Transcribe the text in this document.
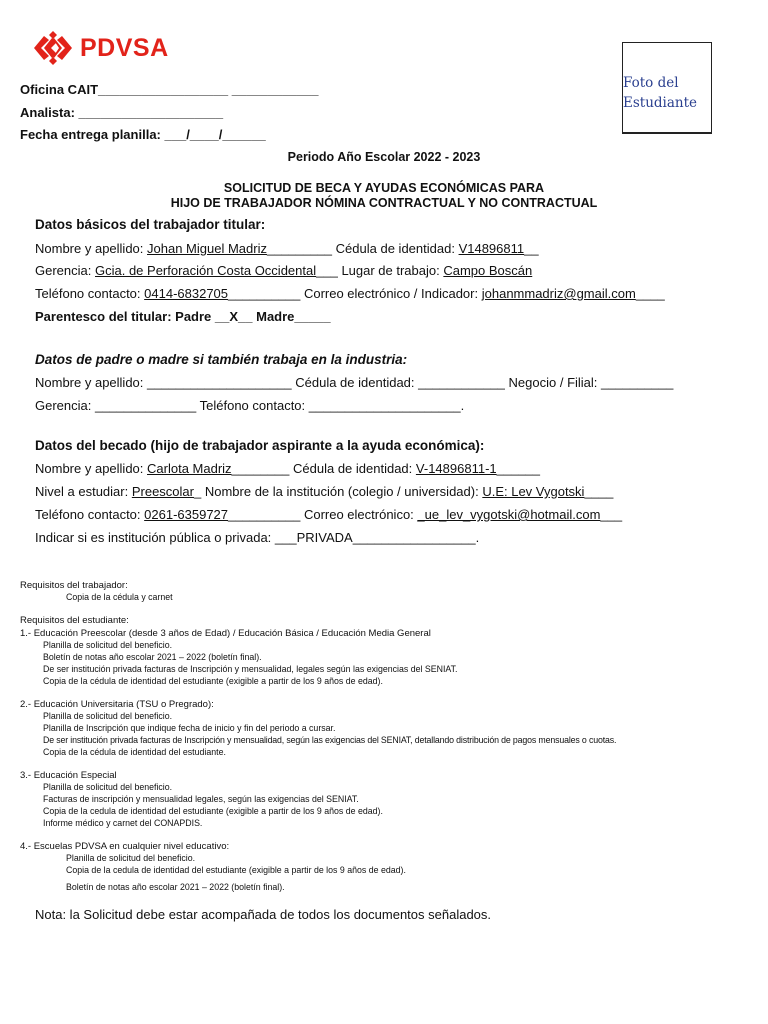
PDVSA
Foto del Estudiante
Oficina CAIT__________________ ____________
Analista: ____________________
Fecha entrega planilla: ___/____/______
Periodo Año Escolar 2022 - 2023
SOLICITUD DE BECA Y AYUDAS ECONÓMICAS PARA
HIJO DE TRABAJADOR NÓMINA CONTRACTUAL Y NO CONTRACTUAL
Datos básicos del trabajador titular:
Nombre y apellido: Johan Miguel Madriz_________ Cédula de identidad: V14896811__
Gerencia: Gcia. de Perforación Costa Occidental___ Lugar de trabajo: Campo Boscán
Teléfono contacto: 0414-6832705__________ Correo electrónico / Indicador: johanmmadriz@gmail.com____
Parentesco del titular: Padre __X__ Madre_____
Datos de padre o madre si también trabaja en la industria:
Nombre y apellido: ____________________ Cédula de identidad: ____________ Negocio / Filial: __________
Gerencia: ______________ Teléfono contacto: _____________________.
Datos del becado (hijo de trabajador aspirante a la ayuda económica):
Nombre y apellido: Carlota Madriz________ Cédula de identidad: V-14896811-1______
Nivel a estudiar: Preescolar_ Nombre de la institución (colegio / universidad): U.E: Lev Vygotski____
Teléfono contacto: 0261-6359727__________ Correo electrónico: _ue_lev_vygotski@hotmail.com___
Indicar si es institución pública o privada: ___PRIVADA_________________.
Requisitos del trabajador:
Copia de la cédula y carnet
Requisitos del estudiante:
1.- Educación Preescolar (desde 3 años de Edad) / Educación Básica / Educación Media General
Planilla de solicitud del beneficio.
Boletín de notas año escolar 2021 – 2022 (boletín final).
De ser institución privada facturas de Inscripción y mensualidad, legales según las exigencias del SENIAT.
Copia de la cédula de identidad del estudiante (exigible a partir de los 9 años de edad).
2.- Educación Universitaria (TSU o Pregrado):
Planilla de solicitud del beneficio.
Planilla de Inscripción que indique fecha de inicio y fin del periodo a cursar.
De ser institución privada facturas de Inscripción y mensualidad, según las exigencias del SENIAT, detallando distribución de pagos mensuales o cuotas.
Copia de la cédula de identidad del estudiante.
3.- Educación Especial
Planilla de solicitud del beneficio.
Facturas de inscripción y mensualidad legales, según las exigencias del SENIAT.
Copia de la cedula de identidad del estudiante (exigible a partir de los 9 años de edad).
Informe médico y carnet del CONAPDIS.
4.- Escuelas PDVSA en cualquier nivel educativo:
Planilla de solicitud del beneficio.
Copia de la cedula de identidad del estudiante (exigible a partir de los 9 años de edad).
Boletín de notas año escolar 2021 – 2022 (boletín final).
Nota: la Solicitud debe estar acompañada de todos los documentos señalados.
